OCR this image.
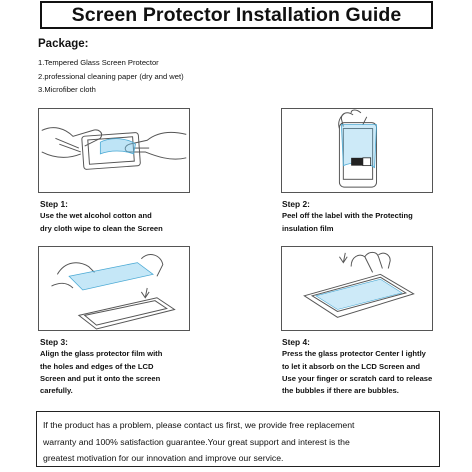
Screen Protector Installation Guide
Package:
1.Tempered Glass Screen Protector
2.professional cleaning paper (dry and wet)
3.Microfiber cloth
Step 1:
Use the wet alcohol cotton and
dry cloth wipe to clean the Screen
Step 2:
Peel off the label with the Protecting
insulation film
Step 3:
Align the glass protector film with
the holes and edges of the LCD
Screen and put it onto the screen
carefully.
Step 4:
Press the glass protector Center l ightly
to let it absorb on the LCD Screen and
Use your finger or scratch card to release
the bubbles if there are bubbles.

If the product has a problem, please contact us first, we provide free replacement
warranty and 100% satisfaction guarantee.Your great support and interest is the
greatest motivation for our innovation and improve our service.
